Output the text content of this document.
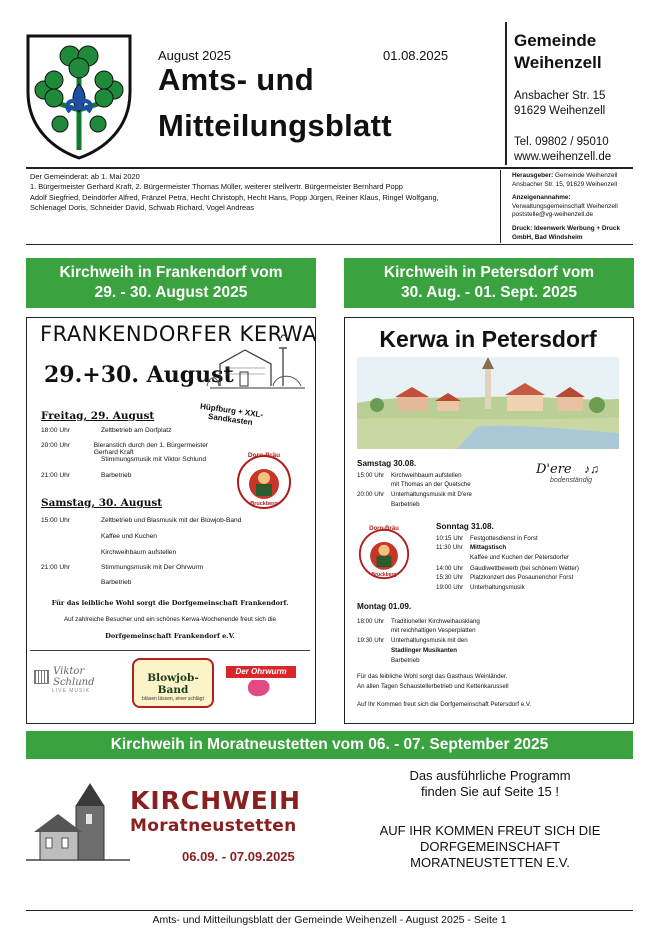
August 2025	01.08.2025
Amts- und
Mitteilungsblatt
Gemeinde
Weihenzell
Ansbacher Str. 15
91629 Weihenzell
Tel. 09802 / 95010
www.weihenzell.de
Der Gemeinderat: ab 1. Mai 2020
1. Bürgermeister Gerhard Kraft, 2. Bürgermeister Thomas Müller, weiterer stellvertr. Bürgermeister Bernhard Popp
Adolf Siegfried, Deindörfer Alfred, Fränzel Petra, Hecht Christoph, Hecht Hans, Popp Jürgen, Reiner Klaus, Ringel Wolfgang,
Schlenagel Doris, Schneider David, Schwab Richard, Vogel Andreas
Herausgeber: Gemeinde Weihenzell Ansbacher Str. 15, 91629 Weihenzell
Anzeigenannahme: Verwaltungsgemeinschaft Weihenzell poststelle@vg-weihenzell.de
Druck: Ideenwerk Werbung + Druck GmbH, Bad Windsheim
Kirchweih in Frankendorf vom
29. - 30. August 2025
Kirchweih in Petersdorf vom
30. Aug. - 01. Sept. 2025
FRANKENDORFER KERWA
29.+30. August
Hüpfburg + XXL-Sandkasten
Freitag, 29. August
18:00 Uhr	Zeltbetrieb am Dorfplatz
20:00 Uhr	Bieranstich durch den 1. Bürgermeister Gerhard Kraft
Stimmungsmusik mit Viktor Schlund
21:00 Uhr	Barbetrieb
Dorn-Bräu
Bruckberg
Samstag, 30. August
15:00 Uhr	Zeltbetrieb und Blasmusik mit der Blowjob-Band
Kaffee und Kuchen
Kirchweihbaum aufstellen
21:00 Uhr	Stimmungsmusik mit Der Ohrwurm
Barbetrieb
Für das leibliche Wohl sorgt die Dorfgemeinschaft Frankendorf.
Auf zahlreiche Besucher und ein schönes Kerwa-Wochenende freut sich die
Dorfgemeinschaft Frankendorf e.V.
Viktor Schlund
LIVE MUSIK
Blowjob-Band
bläsen lässen, einer schlägt
Der Ohrwurm
Kerwa in Petersdorf
Samstag 30.08.
15:00 Uhr	Kirchweihbaum aufstellen
mit Thomas an der Quetsche
20:00 Uhr	Unterhaltungsmusik mit D'ere
Barbetrieb
D'ere
bodenständig
♪♫
Dorn-Bräu
Bruckberg
Sonntag 31.08.
10:15 Uhr	Festgottesdienst in Forst
11:30 Uhr	Mittagstisch
Kaffee und Kuchen der Petersdorfer
14:00 Uhr	Gaudiwettbewerb (bei schönem Wetter)
15:30 Uhr	Platzkonzert des Posaunenchor Forst
19:00 Uhr	Unterhaltungsmusik
Montag 01.09.
18:00 Uhr	Traditioneller Kirchweihausklang
mit reichhaltigen Vesperplatten
19:30 Uhr	Unterhaltungsmusik mit den
Stadlinger Musikanten
Barbetrieb
Für das leibliche Wohl sorgt das Gasthaus Weinländer.
An allen Tagen Schaustellerbetrieb und Kettenkarussell
Auf Ihr Kommen freut sich die Dorfgemeinschaft Petersdorf e.V.
Kirchweih in Moratneustetten vom 06. - 07. September 2025
KIRCHWEIH
Moratneustetten
06.09. - 07.09.2025
Das ausführliche Programm
finden Sie auf Seite 15 !
AUF IHR KOMMEN FREUT SICH DIE
DORFGEMEINSCHAFT
MORATNEUSTETTEN E.V.
Amts- und Mitteilungsblatt der Gemeinde Weihenzell - August 2025 - Seite 1
